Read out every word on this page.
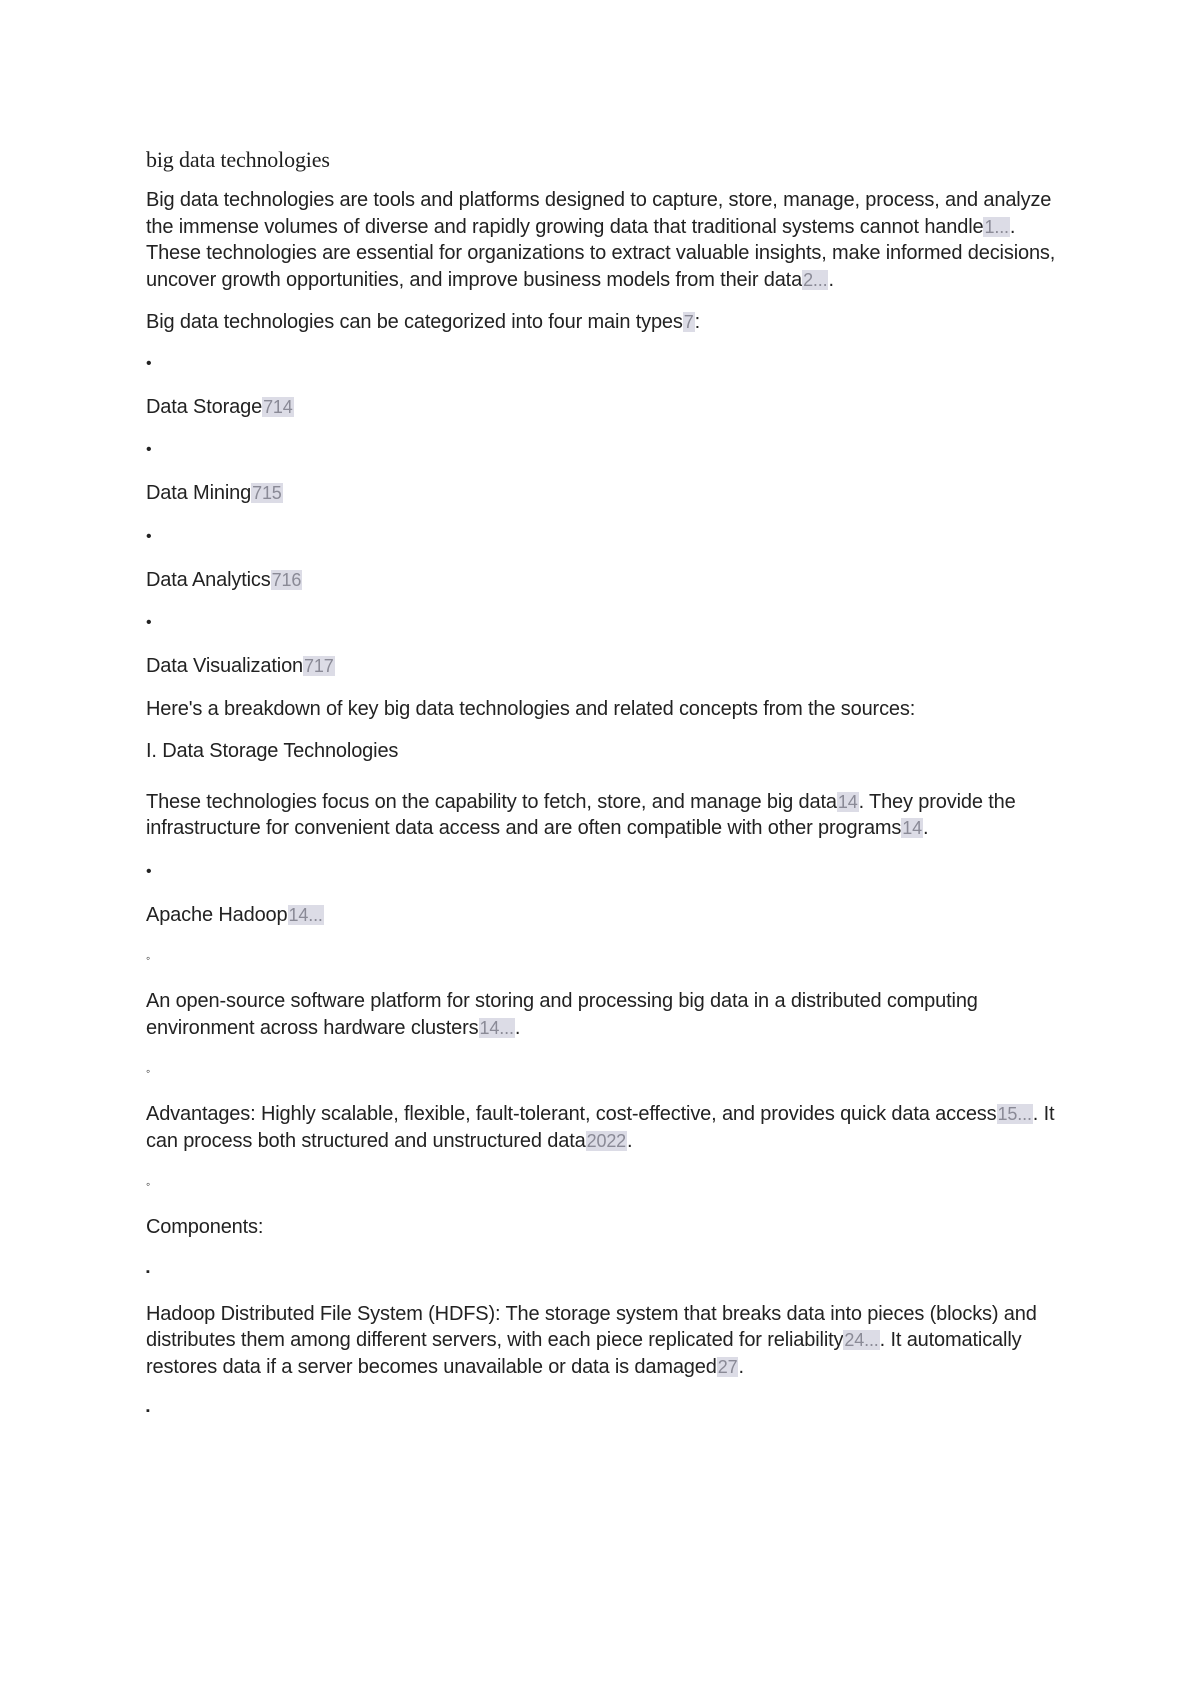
big data technologies

Big data technologies are tools and platforms designed to capture, store, manage, process, and analyze the immense volumes of diverse and rapidly growing data that traditional systems cannot handle1.... These technologies are essential for organizations to extract valuable insights, make informed decisions, uncover growth opportunities, and improve business models from their data2....

Big data technologies can be categorized into four main types7:

•
Data Storage714
•
Data Mining715
•
Data Analytics716
•
Data Visualization717

Here's a breakdown of key big data technologies and related concepts from the sources:

I. Data Storage Technologies

These technologies focus on the capability to fetch, store, and manage big data14. They provide the infrastructure for convenient data access and are often compatible with other programs14.

•
Apache Hadoop14...
◦
An open-source software platform for storing and processing big data in a distributed computing environment across hardware clusters14....
◦
Advantages: Highly scalable, flexible, fault-tolerant, cost-effective, and provides quick data access15.... It can process both structured and unstructured data2022.
◦
Components:
▪
Hadoop Distributed File System (HDFS): The storage system that breaks data into pieces (blocks) and distributes them among different servers, with each piece replicated for reliability24.... It automatically restores data if a server becomes unavailable or data is damaged27.
▪
